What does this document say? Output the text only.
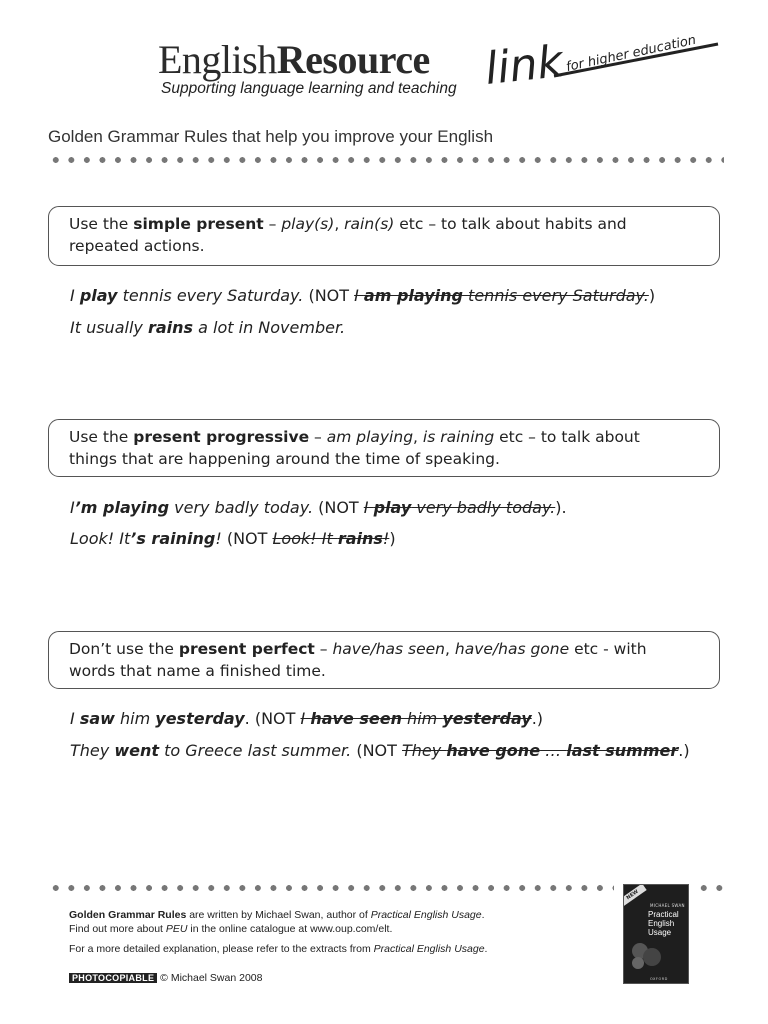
EnglishResource link for higher education
Supporting language learning and teaching
Golden Grammar Rules that help you improve your English
Use the simple present – play(s), rain(s) etc – to talk about habits and
repeated actions.
I play tennis every Saturday. (NOT I am playing tennis every Saturday.)
It usually rains a lot in November.
Use the present progressive – am playing, is raining etc – to talk about
things that are happening around the time of speaking.
I’m playing very badly today. (NOT I play very badly today.).
Look! It’s raining! (NOT Look! It rains!)
Don’t use the present perfect – have/has seen, have/has gone etc - with
words that name a finished time.
I saw him yesterday. (NOT I have seen him yesterday.)
They went to Greece last summer. (NOT They have gone … last summer.)
Golden Grammar Rules are written by Michael Swan, author of Practical English Usage.
Find out more about PEU in the online catalogue at www.oup.com/elt.
For a more detailed explanation, please refer to the extracts from Practical English Usage.
PHOTOCOPIABLE © Michael Swan 2008
NEW
MICHAEL SWAN
Practical
English
Usage
OXFORD
